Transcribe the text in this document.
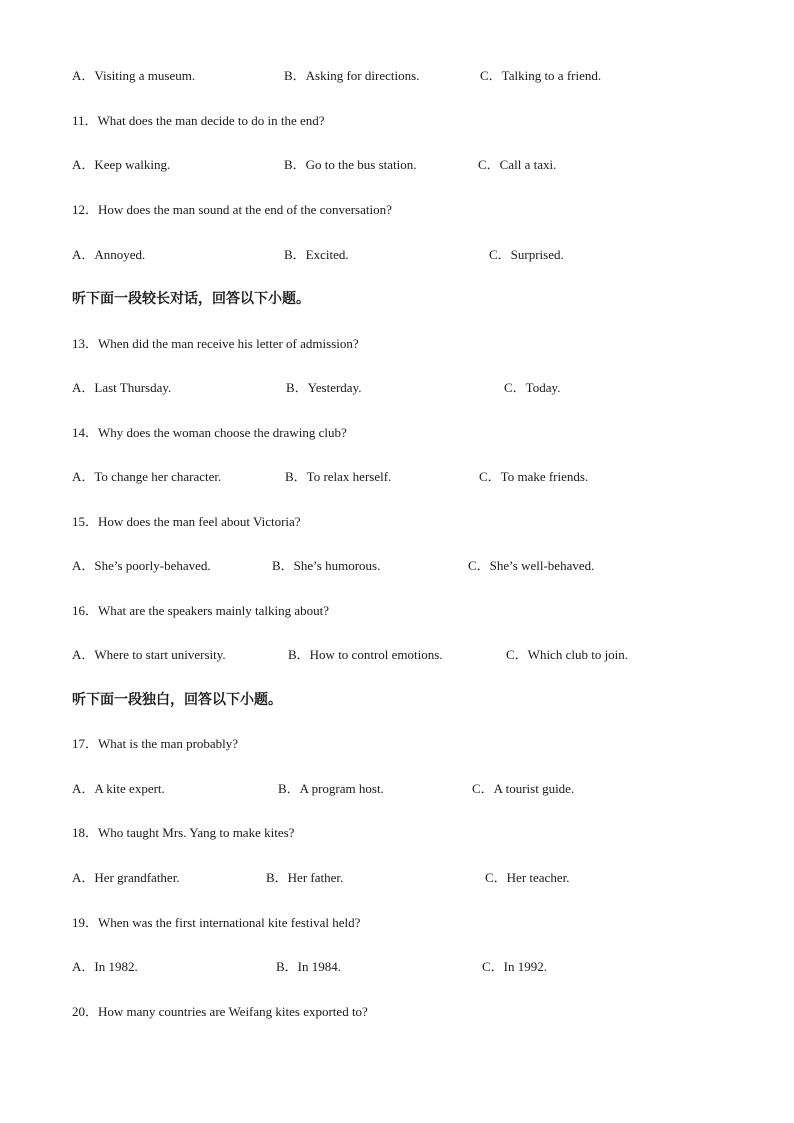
A．Visiting a museum.	B．Asking for directions.	C．Talking to a friend.
11．What does the man decide to do in the end?
A．Keep walking.	B．Go to the bus station.	C．Call a taxi.
12．How does the man sound at the end of the conversation?
A．Annoyed.	B．Excited.	C．Surprised.
听下面一段较长对话，回答以下小题。
13．When did the man receive his letter of admission?
A．Last Thursday.	B．Yesterday.	C．Today.
14．Why does the woman choose the drawing club?
A．To change her character.	B．To relax herself.	C．To make friends.
15．How does the man feel about Victoria?
A．She’s poorly-behaved.	B．She’s humorous.	C．She’s well-behaved.
16．What are the speakers mainly talking about?
A．Where to start university.	B．How to control emotions.	C．Which club to join.
听下面一段独白，回答以下小题。
17．What is the man probably?
A．A kite expert.	B．A program host.	C．A tourist guide.
18．Who taught Mrs. Yang to make kites?
A．Her grandfather.	B．Her father.	C．Her teacher.
19．When was the first international kite festival held?
A．In 1982.	B．In 1984.	C．In 1992.
20．How many countries are Weifang kites exported to?
